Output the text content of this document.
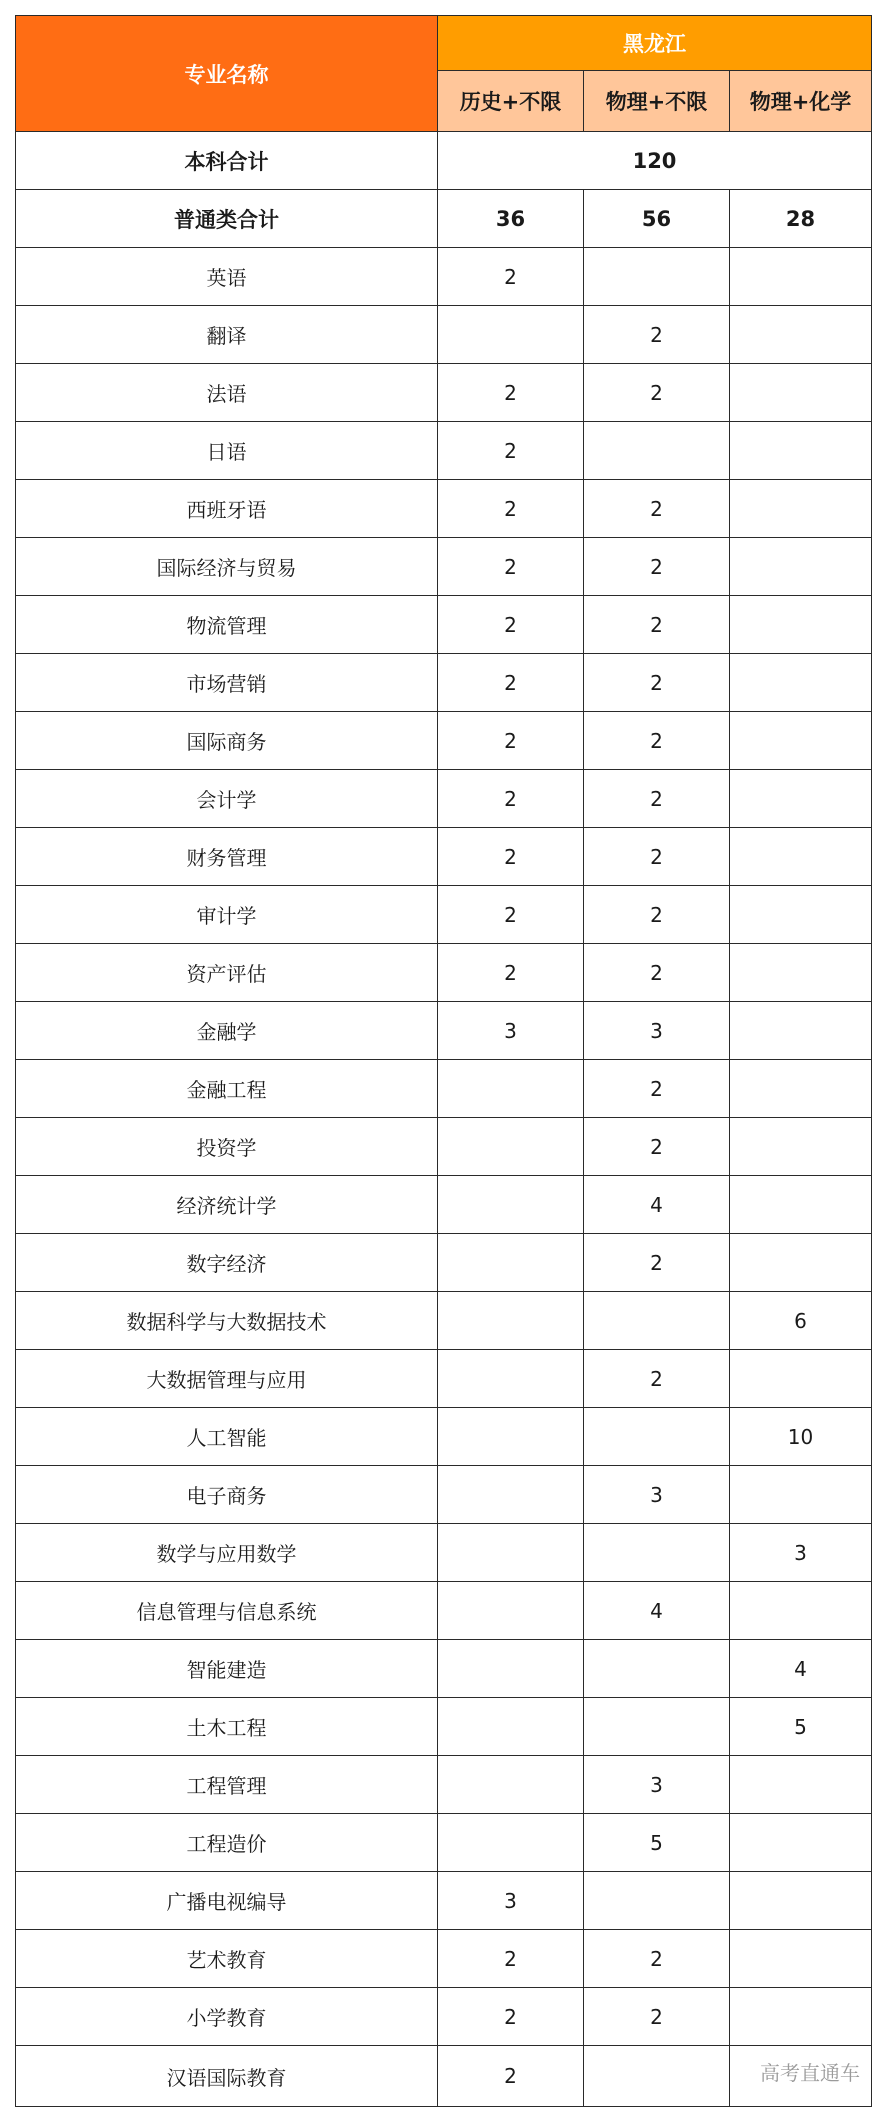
专业名称	黑龙江		
	历史+不限	物理+不限	物理+化学
本科合计	120		
普通类合计	36	56	28
英语	2		
翻译		2	
法语	2	2	
日语	2		
西班牙语	2	2	
国际经济与贸易	2	2	
物流管理	2	2	
市场营销	2	2	
国际商务	2	2	
会计学	2	2	
财务管理	2	2	
审计学	2	2	
资产评估	2	2	
金融学	3	3	
金融工程		2	
投资学		2	
经济统计学		4	
数字经济		2	
数据科学与大数据技术			6
大数据管理与应用		2	
人工智能			10
电子商务		3	
数学与应用数学			3
信息管理与信息系统		4	
智能建造			4
土木工程			5
工程管理		3	
工程造价		5	
广播电视编导	3		
艺术教育	2	2	
小学教育	2	2	
汉语国际教育	2			高考直通车
